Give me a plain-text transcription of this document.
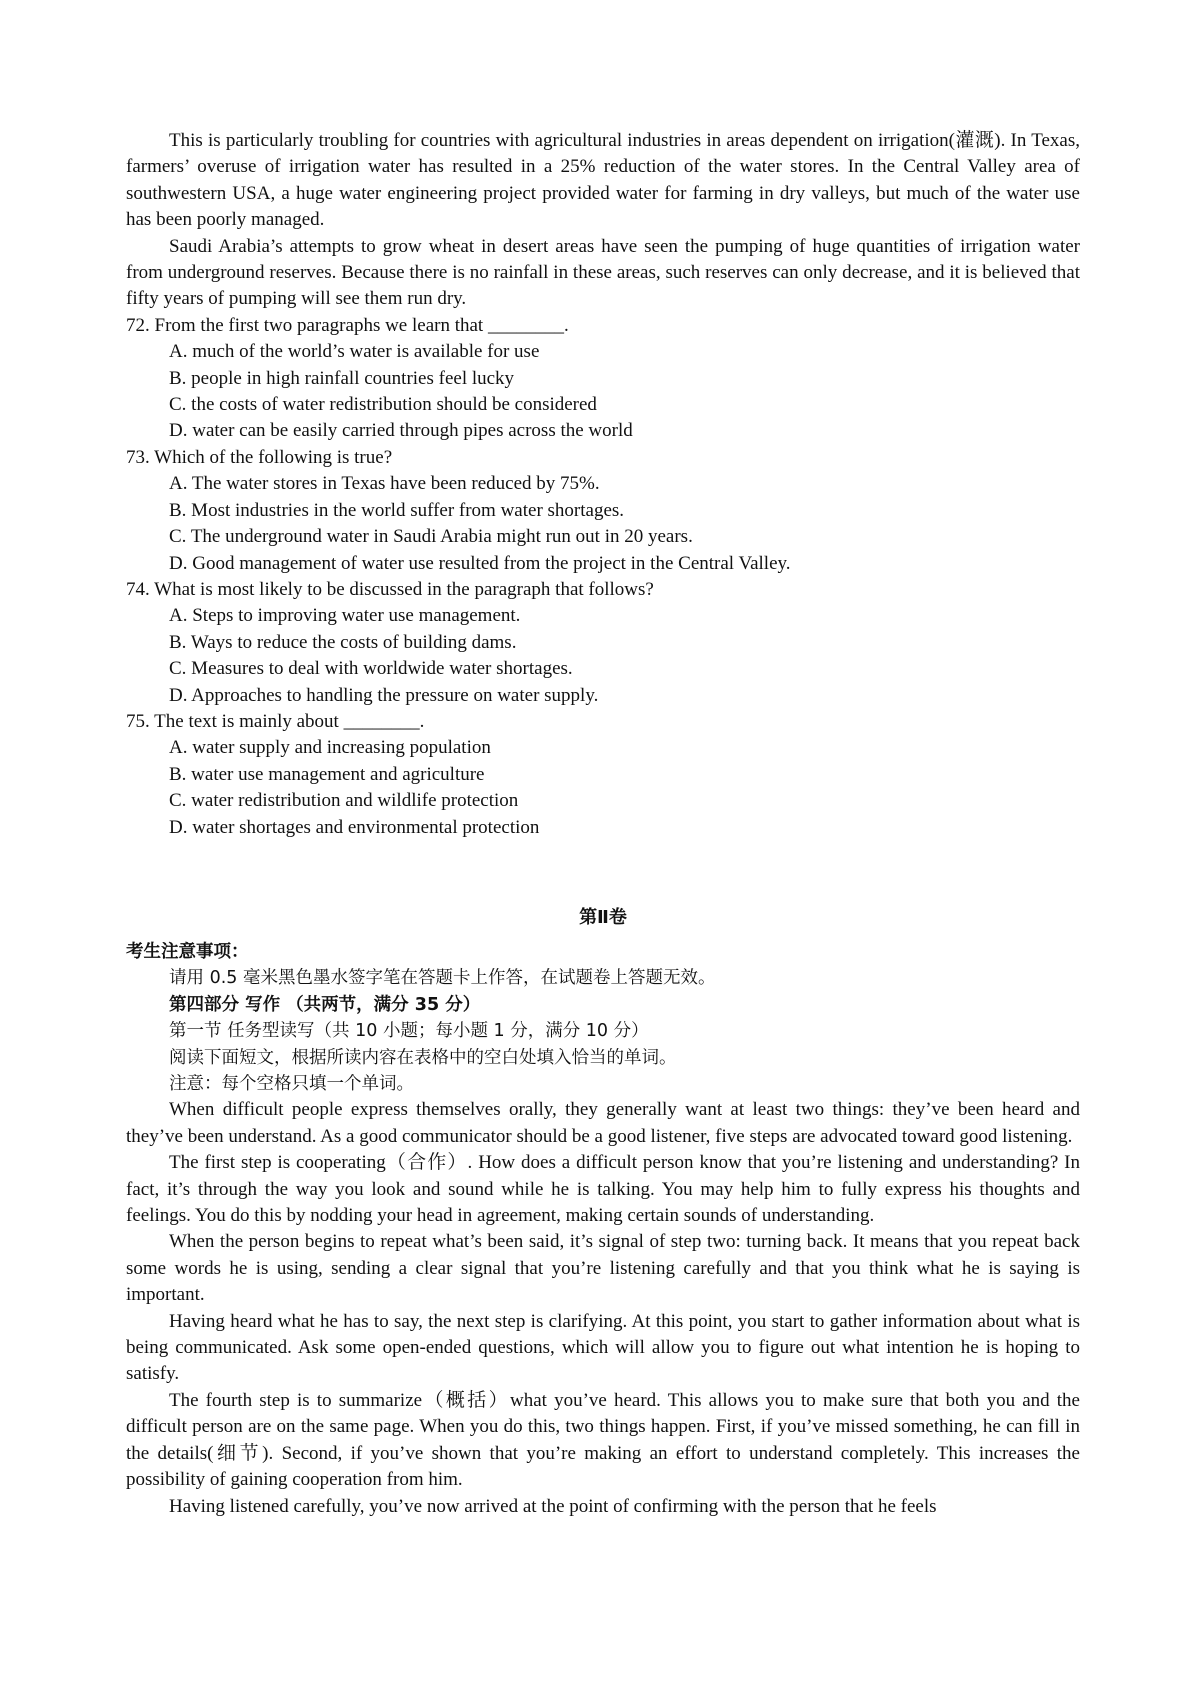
This is particularly troubling for countries with agricultural industries in areas dependent on irrigation(灌溉). In Texas, farmers’ overuse of irrigation water has resulted in a 25% reduction of the water stores. In the Central Valley area of southwestern USA, a huge water engineering project provided water for farming in dry valleys, but much of the water use has been poorly managed.

Saudi Arabia’s attempts to grow wheat in desert areas have seen the pumping of huge quantities of irrigation water from underground reserves. Because there is no rainfall in these areas, such reserves can only decrease, and it is believed that fifty years of pumping will see them run dry.

72. From the first two paragraphs we learn that ________.

A. much of the world’s water is available for use

B. people in high rainfall countries feel lucky

C. the costs of water redistribution should be considered

D. water can be easily carried through pipes across the world

73. Which of the following is true?

A. The water stores in Texas have been reduced by 75%.

B. Most industries in the world suffer from water shortages.

C. The underground water in Saudi Arabia might run out in 20 years.

D. Good management of water use resulted from the project in the Central Valley.

74. What is most likely to be discussed in the paragraph that follows?

A. Steps to improving water use management.

B. Ways to reduce the costs of building dams.

C. Measures to deal with worldwide water shortages.

D. Approaches to handling the pressure on water supply.

75. The text is mainly about ________.

A. water supply and increasing population

B. water use management and agriculture

C. water redistribution and wildlife protection

D. water shortages and environmental protection

第Ⅱ卷

考生注意事项：

请用 0.5 毫米黑色墨水签字笔在答题卡上作答，在试题卷上答题无效。

第四部分 写作 （共两节，满分 35 分）

第一节 任务型读写（共 10 小题；每小题 1 分，满分 10 分）

阅读下面短文，根据所读内容在表格中的空白处填入恰当的单词。

注意：每个空格只填一个单词。

When difficult people express themselves orally, they generally want at least two things: they’ve been heard and they’ve been understand. As a good communicator should be a good listener, five steps are advocated toward good listening.

The first step is cooperating（合作）. How does a difficult person know that you’re listening and understanding? In fact, it’s through the way you look and sound while he is talking. You may help him to fully express his thoughts and feelings. You do this by nodding your head in agreement, making certain sounds of understanding.

When the person begins to repeat what’s been said, it’s signal of step two: turning back. It means that you repeat back some words he is using, sending a clear signal that you’re listening carefully and that you think what he is saying is important.

Having heard what he has to say, the next step is clarifying. At this point, you start to gather information about what is being communicated. Ask some open-ended questions, which will allow you to figure out what intention he is hoping to satisfy.

The fourth step is to summarize（概括）what you’ve heard. This allows you to make sure that both you and the difficult person are on the same page. When you do this, two things happen. First, if you’ve missed something, he can fill in the details(细节). Second, if you’ve shown that you’re making an effort to understand completely. This increases the possibility of gaining cooperation from him.

Having listened carefully, you’ve now arrived at the point of confirming with the person that he feels
